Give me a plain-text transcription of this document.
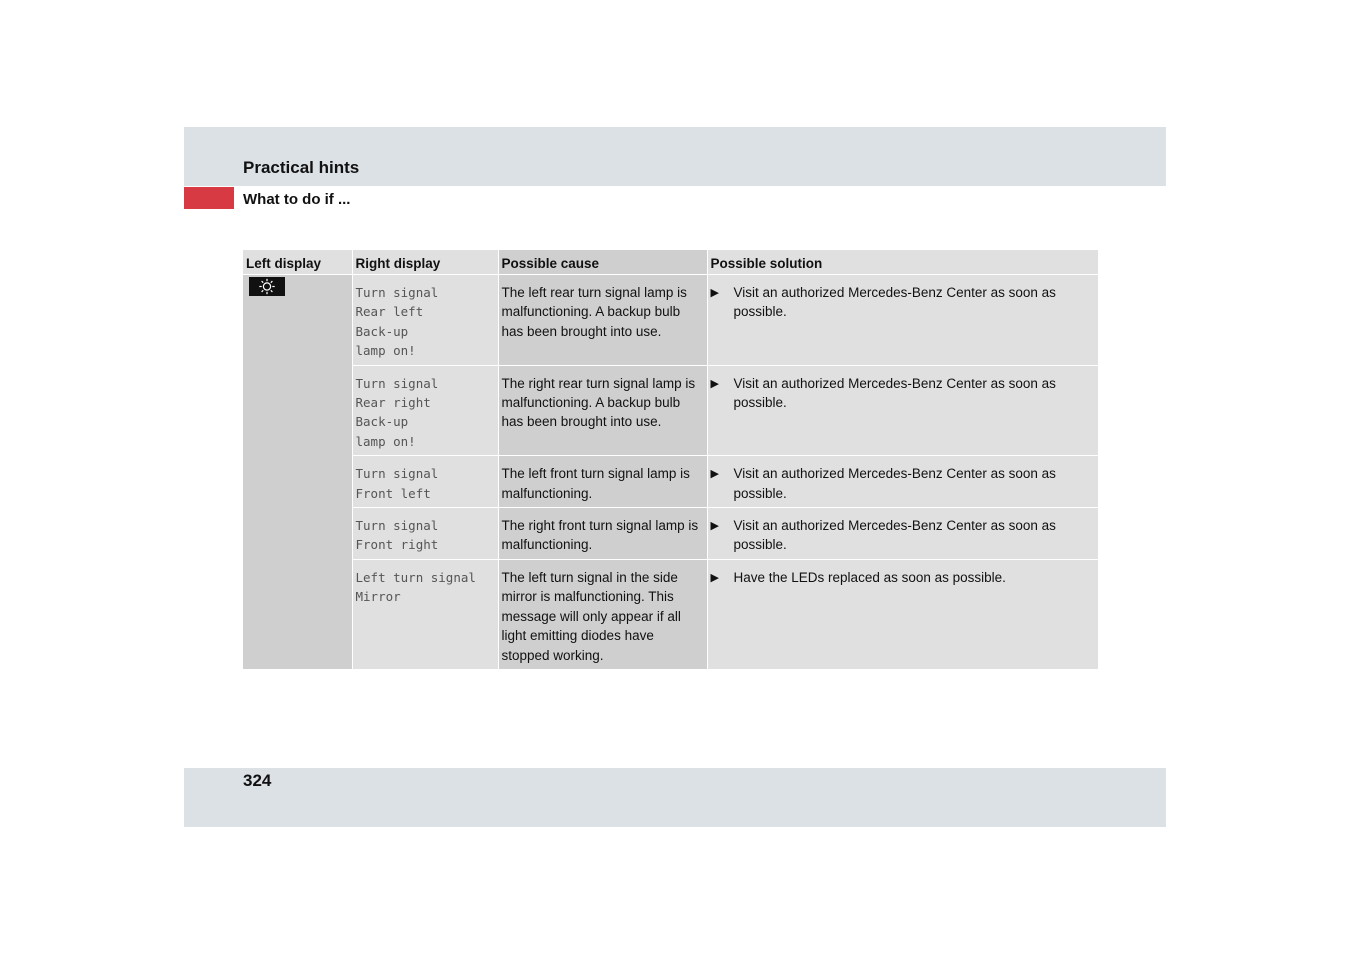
Practical hints
What to do if ...
Left display	Right display	Possible cause	Possible solution

	Turn signal
Rear left
Back-up
lamp on!	The left rear turn signal lamp is malfunctioning. A backup bulb has been brought into use.	▶ Visit an authorized Mercedes-Benz Center as soon as possible.

	Turn signal
Rear right
Back-up
lamp on!	The right rear turn signal lamp is malfunctioning. A backup bulb has been brought into use.	▶ Visit an authorized Mercedes-Benz Center as soon as possible.

	Turn signal
Front left	The left front turn signal lamp is malfunctioning.	▶ Visit an authorized Mercedes-Benz Center as soon as possible.

	Turn signal
Front right	The right front turn signal lamp is malfunctioning.	▶ Visit an authorized Mercedes-Benz Center as soon as possible.

	Left turn signal
Mirror	The left turn signal in the side mirror is malfunctioning. This message will only appear if all light emitting diodes have stopped working.	▶ Have the LEDs replaced as soon as possible.
324
